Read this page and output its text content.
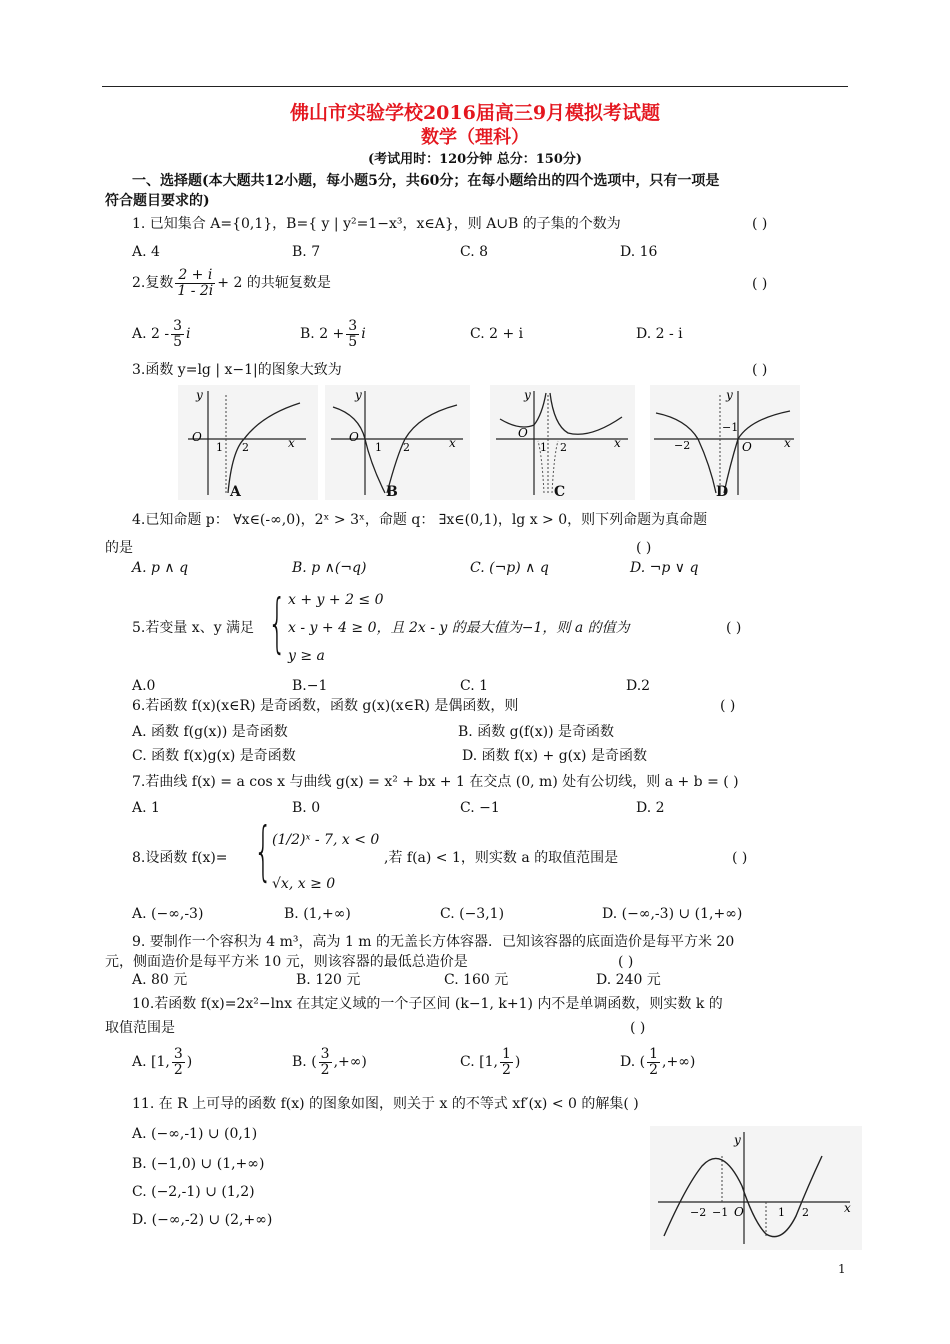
佛山市实验学校2016届高三9月模拟考试题
数学（理科）
(考试用时：120分钟 总分：150分)
一、选择题(本大题共12小题，每小题5分，共60分；在每小题给出的四个选项中，只有一项是
符合题目要求的)
1. 已知集合 A={0,1}，B={ y | y²=1−x³，x∈A}，则 A∪B 的子集的个数为	( )
A. 4	B. 7	C. 8	D. 16
2.复数 $\frac{2 + i}{1 - 2i} + 2$ 的共轭复数是	( )
A. $2 - \frac{3}{5}$ i	B. $2 + \frac{3}{5}$ i	C. 2 + i	D. 2 - i
3.函数 y=lg | x−1|的图象大致为	( )
O
1 2	x
y
O
1 2	x
y
O
1 2	x
y
−2
−1
O	x
y
A	B	C	D
4.已知命题 p： ∀x∈(-∞,0)，2ˣ > 3ˣ，命题 q： ∃x∈(0,1)，lg x > 0，则下列命题为真命题
的是	( )
A. p ∧ q	B. p ∧(¬q)	C. (¬p) ∧ q	D. ¬p ∨ q
5.若变量 x、y 满足 { x + y + 2 ≤ 0
x - y + 4 ≥ 0，且 2x - y 的最大值为−1，则 a 的值为
y ≥ a
( )
A.0	B.−1	C. 1	D.2
6.若函数 f(x)(x∈R) 是奇函数，函数 g(x)(x∈R) 是偶函数，则	( )
A. 函数 f(g(x)) 是奇函数	B. 函数 g(f(x)) 是奇函数
C. 函数 f(x)g(x) 是奇函数	D. 函数 f(x) + g(x) 是奇函数
7.若曲线 f(x) = a cos x 与曲线 g(x) = x² + bx + 1 在交点 (0, m) 处有公切线，则 a + b = ( )
A. 1	B. 0	C. −1	D. 2
8.设函数 f(x)= { (1/2)ˣ - 7, x < 0
√x, x ≥ 0
,若 f(a) < 1，则实数 a 的取值范围是	( )
A. (−∞,-3)	B. (1,+∞)	C. (−3,1)	D. (−∞,-3) ∪ (1,+∞)
9. 要制作一个容积为 4 m³，高为 1 m 的无盖长方体容器．已知该容器的底面造价是每平方米 20
元，侧面造价是每平方米 10 元，则该容器的最低总造价是	( )
A. 80 元	B. 120 元	C. 160 元	D. 240 元
10.若函数 f(x)=2x²−lnx 在其定义域的一个子区间 (k−1, k+1) 内不是单调函数，则实数 k 的
取值范围是	( )
A. [1, $\frac{3}{2}$ )	B. ( $\frac{3}{2}$ ,+∞)	C. [1, $\frac{1}{2}$ )	D. ( $\frac{1}{2}$ ,+∞)
11. 在 R 上可导的函数 f(x) 的图象如图，则关于 x 的不等式 xf′(x) < 0 的解集( )
A. (−∞,-1) ∪ (0,1)
B. (−1,0) ∪ (1,+∞)
C. (−2,-1) ∪ (1,2)
D. (−∞,-2) ∪ (2,+∞)	−2 −1 O	1 2	x
y
1
